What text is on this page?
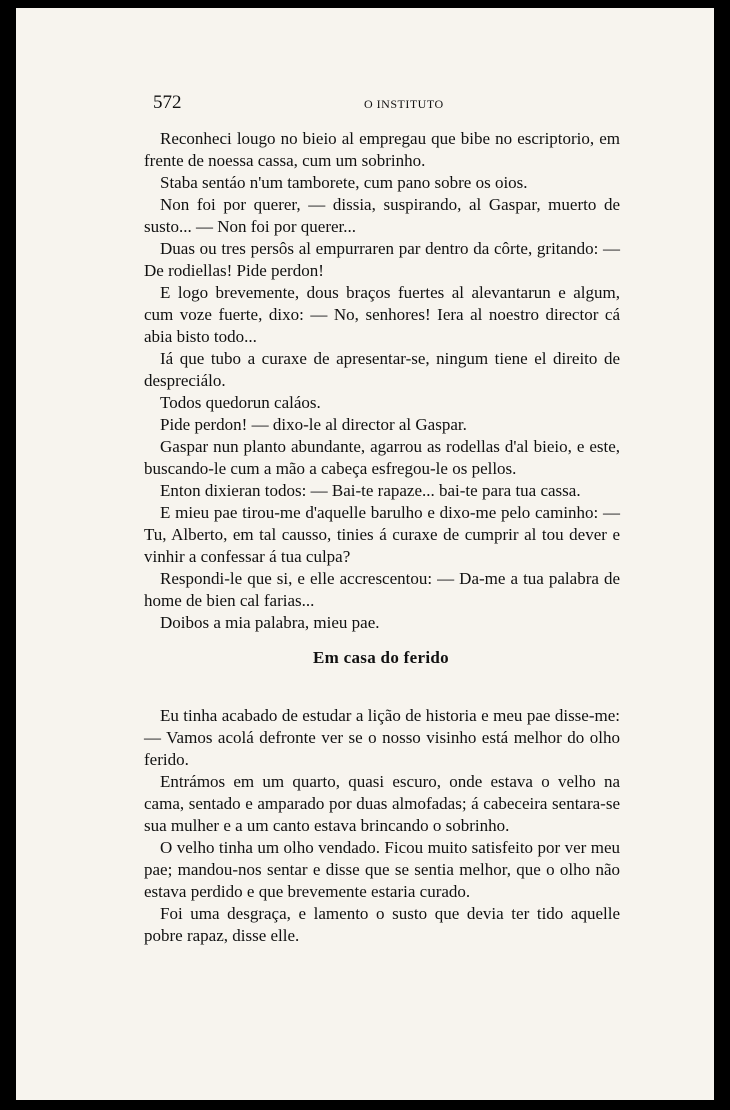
572	O INSTITUTO

Reconheci lougo no bieio al empregau que bibe no escriptorio, em frente de noessa cassa, cum um sobrinho.

Staba sentáo n'um tamborete, cum pano sobre os oios.

Non foi por querer, — dissia, suspirando, al Gaspar, muerto de susto... — Non foi por querer...

Duas ou tres persôs al empurraren par dentro da côrte, gritando: — De rodiellas! Pide perdon!

E logo brevemente, dous braços fuertes al alevantarun e algum, cum voze fuerte, dixo: — No, senhores! Iera al noestro director cá abia bisto todo...

Iá que tubo a curaxe de apresentar-se, ningum tiene el direito de despreciálo.

Todos quedorun caláos.

Pide perdon! — dixo-le al director al Gaspar.

Gaspar nun planto abundante, agarrou as rodellas d'al bieio, e este, buscando-le cum a mão a cabeça esfregou-le os pellos.

Enton dixieran todos: — Bai-te rapaze... bai-te para tua cassa.

E mieu pae tirou-me d'aquelle barulho e dixo-me pelo caminho: — Tu, Alberto, em tal causso, tinies á curaxe de cumprir al tou dever e vinhir a confessar á tua culpa?

Respondi-le que si, e elle accrescentou: — Da-me a tua palabra de home de bien cal farias...

Doibos a mia palabra, mieu pae.

Em casa do ferido

Eu tinha acabado de estudar a lição de historia e meu pae disse-me: — Vamos acolá defronte ver se o nosso visinho está melhor do olho ferido.

Entrámos em um quarto, quasi escuro, onde estava o velho na cama, sentado e amparado por duas almofadas; á cabeceira sentara-se sua mulher e a um canto estava brincando o sobrinho.

O velho tinha um olho vendado. Ficou muito satisfeito por ver meu pae; mandou-nos sentar e disse que se sentia melhor, que o olho não estava perdido e que brevemente estaria curado.

Foi uma desgraça, e lamento o susto que devia ter tido aquelle pobre rapaz, disse elle.
